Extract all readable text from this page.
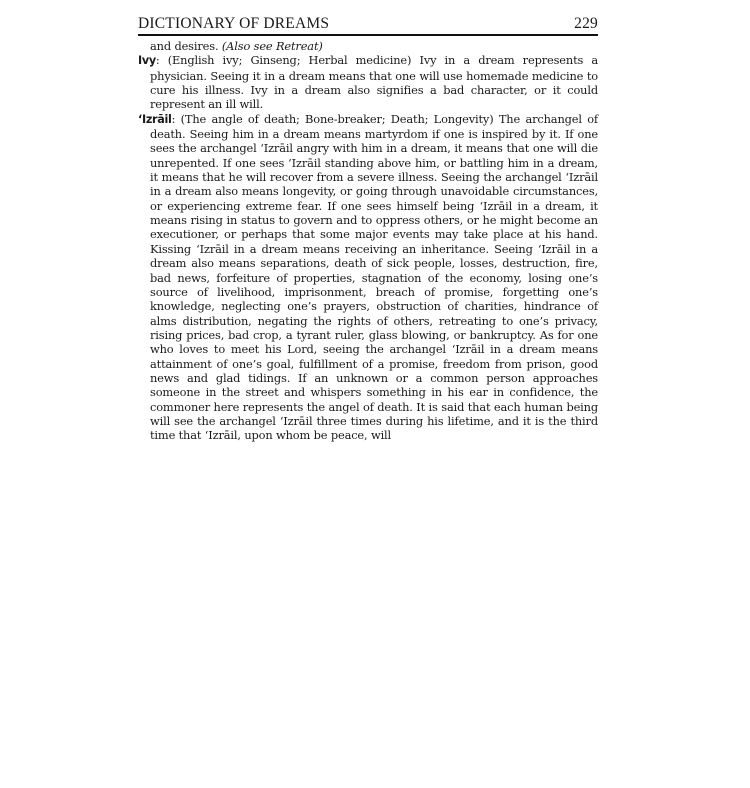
DICTIONARY OF DREAMS	229

and desires. (Also see Retreat)

Ivy: (English ivy; Ginseng; Herbal medicine) Ivy in a dream represents a physician. Seeing it in a dream means that one will use homemade medicine to cure his illness. Ivy in a dream also signifies a bad character, or it could represent an ill will.

‘Izrāil: (The angle of death; Bone-breaker; Death; Longevity) The archangel of death. Seeing him in a dream means martyrdom if one is inspired by it. If one sees the archangel ‘Izrāil angry with him in a dream, it means that one will die unrepented. If one sees ‘Izrāil standing above him, or battling him in a dream, it means that he will recover from a severe illness. Seeing the archangel ‘Izrāil in a dream also means longevity, or going through unavoidable circumstances, or experiencing extreme fear. If one sees himself being ‘Izrāil in a dream, it means rising in status to govern and to oppress others, or he might become an executioner, or perhaps that some major events may take place at his hand. Kissing ‘Izrāil in a dream means receiving an inheritance. Seeing ‘Izrāil in a dream also means separations, death of sick people, losses, destruction, fire, bad news, forfeiture of properties, stagnation of the economy, losing one’s source of livelihood, imprisonment, breach of promise, forgetting one’s knowledge, neglecting one’s prayers, obstruction of charities, hindrance of alms distribution, negating the rights of others, retreating to one’s privacy, rising prices, bad crop, a tyrant ruler, glass blowing, or bankruptcy. As for one who loves to meet his Lord, seeing the archangel ‘Izrāil in a dream means attainment of one’s goal, fulfillment of a promise, freedom from prison, good news and glad tidings. If an unknown or a common person approaches someone in the street and whispers something in his ear in confidence, the commoner here represents the angel of death. It is said that each human being will see the archangel ‘Izrāil three times during his lifetime, and it is the third time that ‘Izrāil, upon whom be peace, will
